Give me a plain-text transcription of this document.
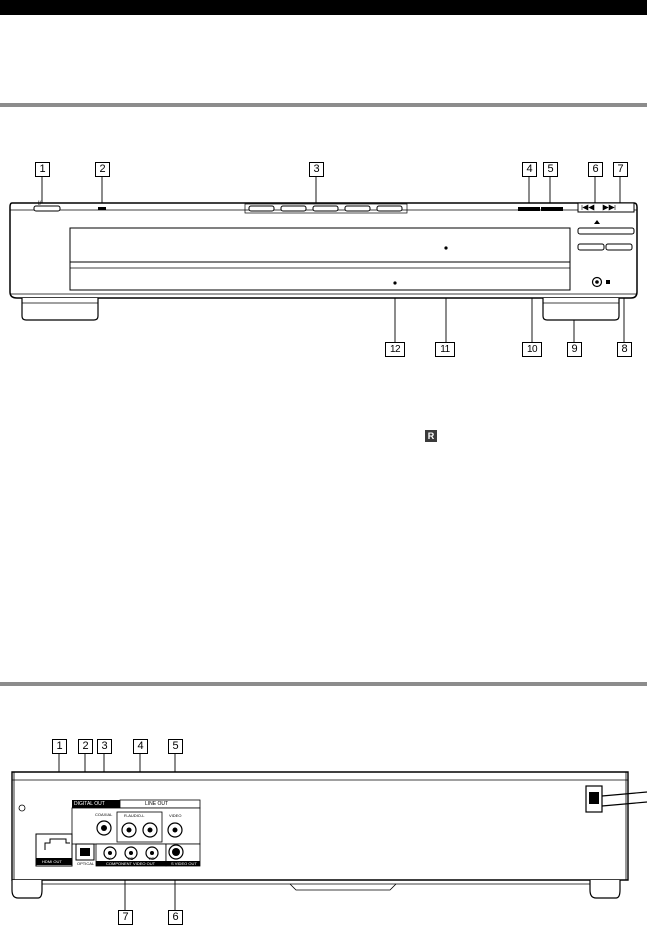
1	2	3	4	5	6	7
12	11	10	9	8
I/
R
1	2	3	4	5
7	6
DIGITAL OUT	LINE OUT
COAXIAL	R-AUDIO-L	VIDEO
HDMI OUT	OPTICAL	COMPONENT VIDEO OUT	S VIDEO OUT
Y	PB	PR
